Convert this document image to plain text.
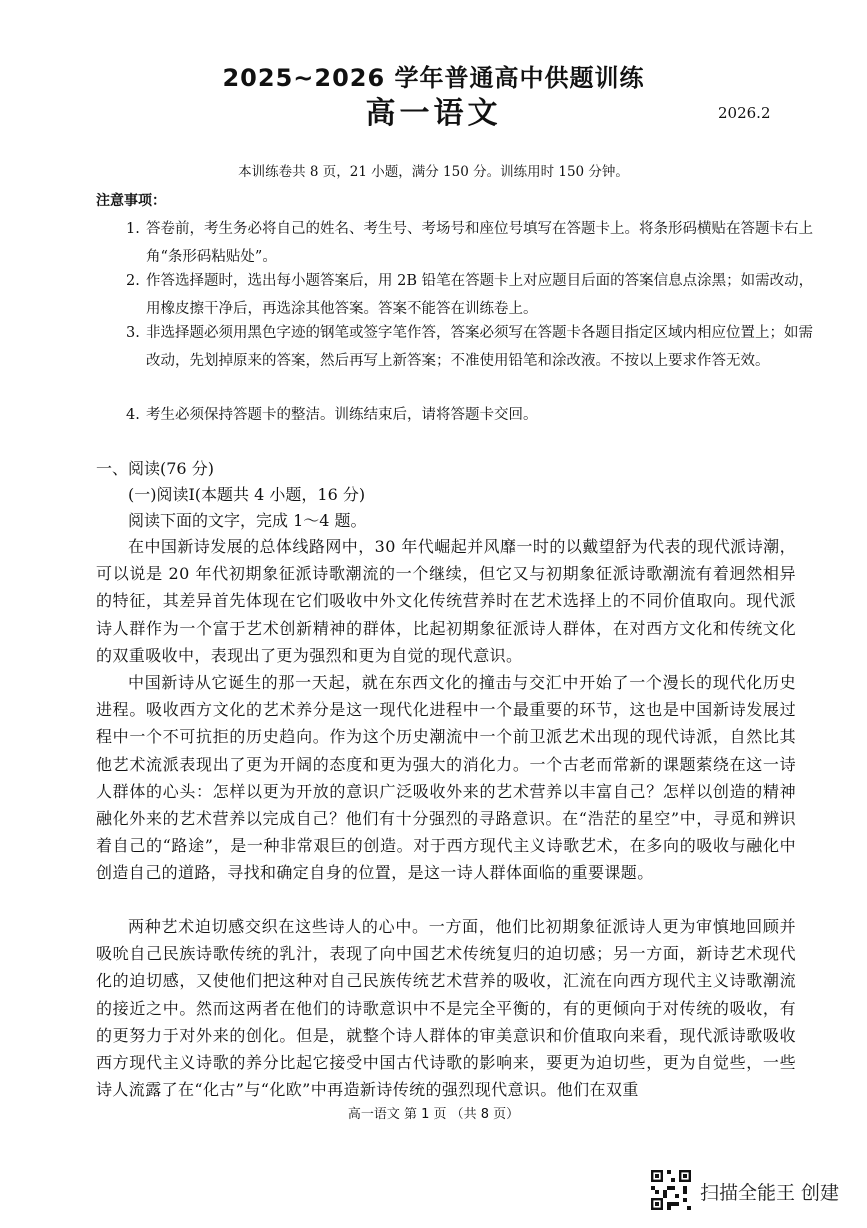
2025~2026 学年普通高中供题训练
高一语文	2026.2
本训练卷共 8 页，21 小题，满分 150 分。训练用时 150 分钟。
注意事项：
1. 答卷前，考生务必将自己的姓名、考生号、考场号和座位号填写在答题卡上。将条形码横贴在答题卡右上角“条形码粘贴处”。
2. 作答选择题时，选出每小题答案后，用 2B 铅笔在答题卡上对应题目后面的答案信息点涂黑；如需改动，用橡皮擦干净后，再选涂其他答案。答案不能答在训练卷上。
3. 非选择题必须用黑色字迹的钢笔或签字笔作答，答案必须写在答题卡各题目指定区域内相应位置上；如需改动，先划掉原来的答案，然后再写上新答案；不准使用铅笔和涂改液。不按以上要求作答无效。
4. 考生必须保持答题卡的整洁。训练结束后，请将答题卡交回。
一、阅读(76 分)
(一)阅读Ⅰ(本题共 4 小题，16 分)
阅读下面的文字，完成 1～4 题。
在中国新诗发展的总体线路网中，30 年代崛起并风靡一时的以戴望舒为代表的现代派诗潮，可以说是 20 年代初期象征派诗歌潮流的一个继续，但它又与初期象征派诗歌潮流有着迥然相异的特征，其差异首先体现在它们吸收中外文化传统营养时在艺术选择上的不同价值取向。现代派诗人群作为一个富于艺术创新精神的群体，比起初期象征派诗人群体，在对西方文化和传统文化的双重吸收中，表现出了更为强烈和更为自觉的现代意识。
中国新诗从它诞生的那一天起，就在东西文化的撞击与交汇中开始了一个漫长的现代化历史进程。吸收西方文化的艺术养分是这一现代化进程中一个最重要的环节，这也是中国新诗发展过程中一个不可抗拒的历史趋向。作为这个历史潮流中一个前卫派艺术出现的现代诗派，自然比其他艺术流派表现出了更为开阔的态度和更为强大的消化力。一个古老而常新的课题萦绕在这一诗人群体的心头：怎样以更为开放的意识广泛吸收外来的艺术营养以丰富自己？怎样以创造的精神融化外来的艺术营养以完成自己？他们有十分强烈的寻路意识。在“浩茫的星空”中，寻觅和辨识着自己的“路途”，是一种非常艰巨的创造。对于西方现代主义诗歌艺术，在多向的吸收与融化中创造自己的道路，寻找和确定自身的位置，是这一诗人群体面临的重要课题。
两种艺术迫切感交织在这些诗人的心中。一方面，他们比初期象征派诗人更为审慎地回顾并吸吮自己民族诗歌传统的乳汁，表现了向中国艺术传统复归的迫切感；另一方面，新诗艺术现代化的迫切感，又使他们把这种对自己民族传统艺术营养的吸收，汇流在向西方现代主义诗歌潮流的接近之中。然而这两者在他们的诗歌意识中不是完全平衡的，有的更倾向于对传统的吸收，有的更努力于对外来的创化。但是，就整个诗人群体的审美意识和价值取向来看，现代派诗歌吸收西方现代主义诗歌的养分比起它接受中国古代诗歌的影响来，要更为迫切些，更为自觉些，一些诗人流露了在“化古”与“化欧”中再造新诗传统的强烈现代意识。他们在双重
高一语文 第 1 页 （共 8 页）
扫描全能王 创建
